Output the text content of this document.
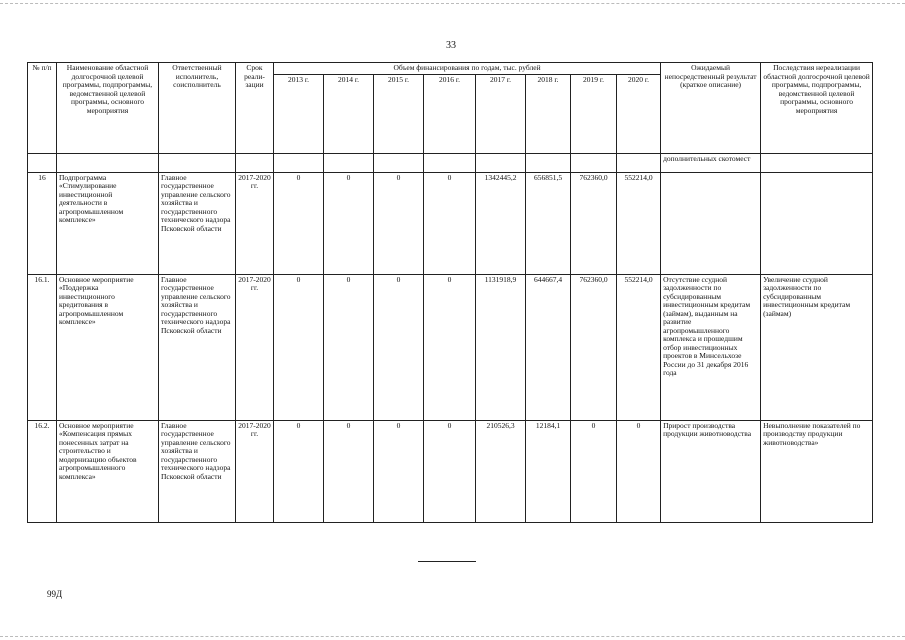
33
№ п/п	Наименование областной долгосрочной целевой программы, подпрограммы, ведомственной целевой программы, основного мероприятия	Ответственный исполнитель, соисполнитель	Срок реали- зации	Объем финансирования по годам, тыс. рублей								Ожидаемый непосредственный результат (краткое описание)	Последствия нереализации областной долгосрочной целевой программы, подпрограммы, ведомственной целевой программы, основного мероприятия
				2013 г.	2014 г.	2015 г.	2016 г.	2017 г.	2018 г.	2019 г.	2020 г.		
												дополнительных скотомест	
16	Подпрограмма «Стимулирование инвестиционной деятельности в агропромышленном комплексе»	Главное государственное управление сельского хозяйства и государственного технического надзора Псковской области	2017-2020 гг.	0	0	0	0	1342445,2	656851,5	762360,0	552214,0		
16.1.	Основное мероприятие «Поддержка инвестиционного кредитования в агропромышленном комплексе»	Главное государственное управление сельского хозяйства и государственного технического надзора Псковской области	2017-2020 гг.	0	0	0	0	1131918,9	644667,4	762360,0	552214,0	Отсутствие ссудной задолженности по субсидированным инвестиционным кредитам (займам), выданным на развитие агропромышленного комплекса и прошедшим отбор инвестиционных проектов в Минсельхозе России до 31 декабря 2016 года	Увеличение ссудной задолженности по субсидированным инвестиционным кредитам (займам)
16.2.	Основное мероприятие «Компенсация прямых понесенных затрат на строительство и модернизацию объектов агропромышленного комплекса»	Главное государственное управление сельского хозяйства и государственного технического надзора Псковской области	2017-2020 гг.	0	0	0	0	210526,3	12184,1	0	0	Прирост производства продукции животноводства	Невыполнение показателей по производству продукции животноводства»
99Д
